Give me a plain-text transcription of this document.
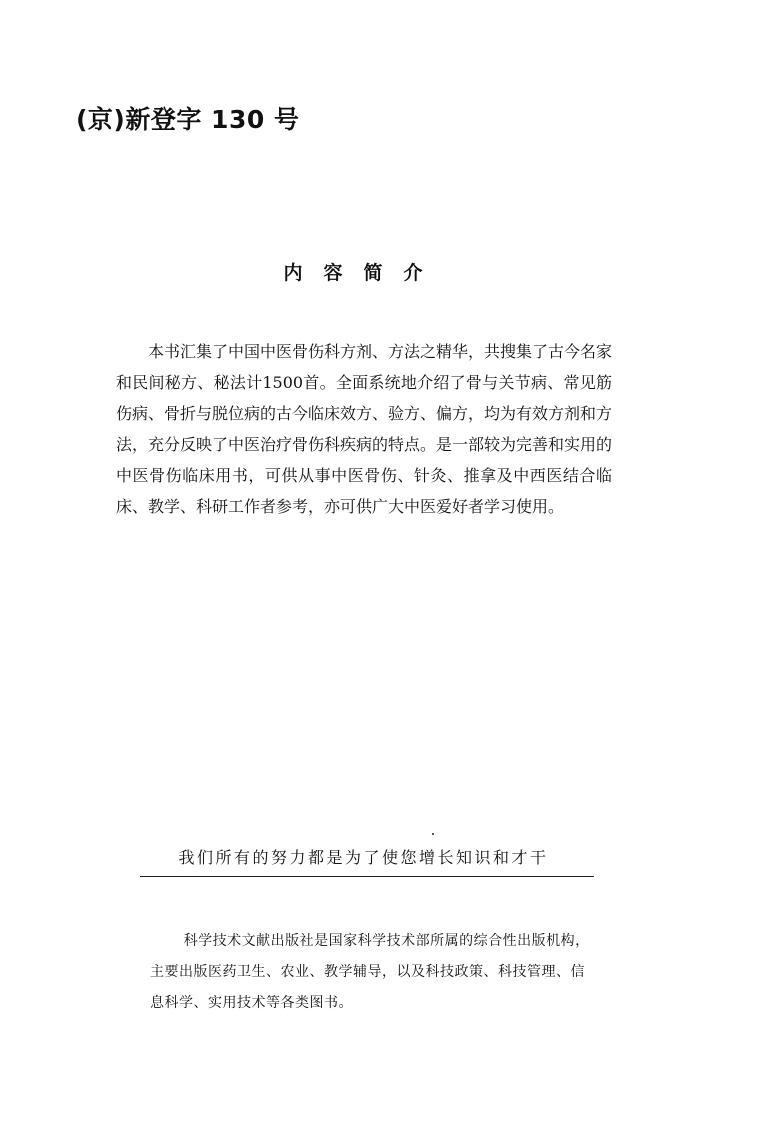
(京)新登字 130 号
内容简介

本书汇集了中国中医骨伤科方剂、方法之精华，共搜集了古今名家和民间秘方、秘法计1500首。全面系统地介绍了骨与关节病、常见筋伤病、骨折与脱位病的古今临床效方、验方、偏方，均为有效方剂和方法，充分反映了中医治疗骨伤科疾病的特点。是一部较为完善和实用的中医骨伤临床用书，可供从事中医骨伤、针灸、推拿及中西医结合临床、教学、科研工作者参考，亦可供广大中医爱好者学习使用。

我们所有的努力都是为了使您增长知识和才干

科学技术文献出版社是国家科学技术部所属的综合性出版机构，主要出版医药卫生、农业、教学辅导，以及科技政策、科技管理、信息科学、实用技术等各类图书。
